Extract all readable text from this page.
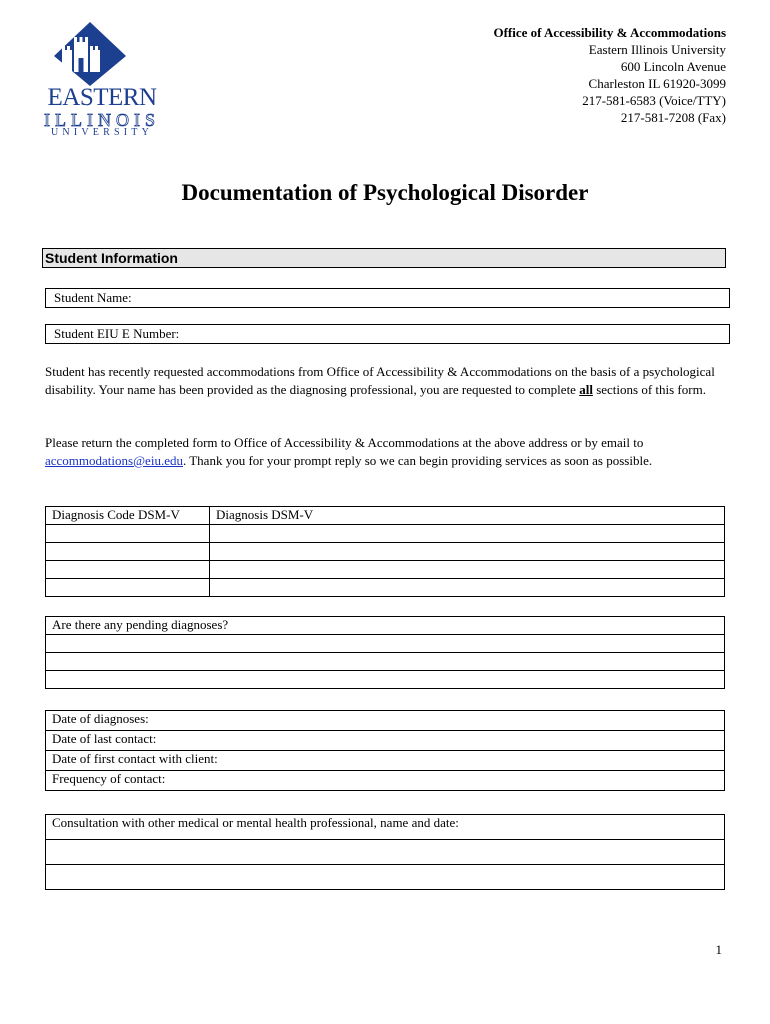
EASTERN
ILLINOIS
UNIVERSITY
Office of Accessibility & Accommodations
Eastern Illinois University
600 Lincoln Avenue
Charleston IL 61920-3099
217-581-6583 (Voice/TTY)
217-581-7208 (Fax)
Documentation of Psychological Disorder
Student Information
Student Name:
Student EIU E Number:
Student has recently requested accommodations from Office of Accessibility & Accommodations on the basis of a psychological disability. Your name has been provided as the diagnosing professional, you are requested to complete all sections of this form.
Please return the completed form to Office of Accessibility & Accommodations at the above address or by email to accommodations@eiu.edu. Thank you for your prompt reply so we can begin providing services as soon as possible.
Diagnosis Code DSM-V	Diagnosis DSM-V

Are there any pending diagnoses?

Date of diagnoses:
Date of last contact:
Date of first contact with client:
Frequency of contact:
Consultation with other medical or mental health professional, name and date:

1
